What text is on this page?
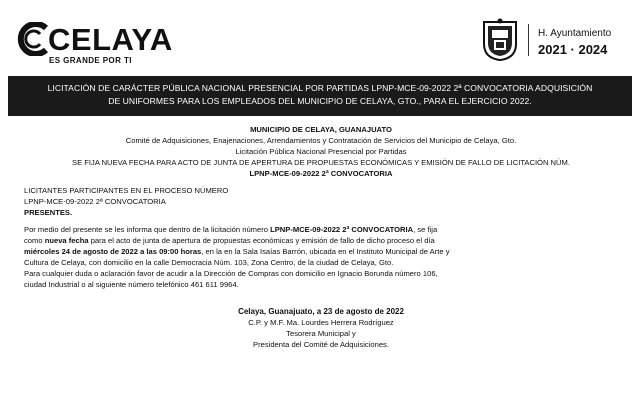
CELAYA
ES GRANDE POR TI
H. Ayuntamiento
2021 · 2024
LICITACIÓN DE CARÁCTER PÚBLICA NACIONAL PRESENCIAL POR PARTIDAS LPNP-MCE-09-2022 2ª CONVOCATORIA ADQUISICIÓN
DE UNIFORMES PARA LOS EMPLEADOS DEL MUNICIPIO DE CELAYA, GTO., PARA EL EJERCICIO 2022.
MUNICIPIO DE CELAYA, GUANAJUATO
Comité de Adquisiciones, Enajenaciones, Arrendamientos y Contratación de Servicios del Municipio de Celaya, Gto.
Licitación Pública Nacional Presencial por Partidas
SE FIJA NUEVA FECHA PARA ACTO DE JUNTA DE APERTURA DE PROPUESTAS ECONÓMICAS Y EMISIÓN DE FALLO DE LICITACIÓN NÚM.
LPNP-MCE-09-2022 2ª CONVOCATORIA
LICITANTES PARTICIPANTES EN EL PROCESO NÚMERO
LPNP-MCE-09-2022 2ª CONVOCATORIA
PRESENTES.
Por medio del presente se les informa que dentro de la licitación número LPNP-MCE-09-2022 2ª CONVOCATORIA, se fija
como nueva fecha para el acto de junta de apertura de propuestas económicas y emisión de fallo de dicho proceso el día
miércoles 24 de agosto de 2022 a las 09:00 horas, en la en la Sala Isaías Barrón, ubicada en el Instituto Municipal de Arte y
Cultura de Celaya, con domicilio en la calle Democracia Núm. 103, Zona Centro, de la ciudad de Celaya, Gto.
Para cualquier duda o aclaración favor de acudir a la Dirección de Compras con domicilio en Ignacio Borunda número 106,
ciudad Industrial o al siguiente número telefónico 461 611 9964.
Celaya, Guanajuato, a 23 de agosto de 2022
C.P. y M.F. Ma. Lourdes Herrera Rodríguez
Tesorera Municipal y
Presidenta del Comité de Adquisiciones.
